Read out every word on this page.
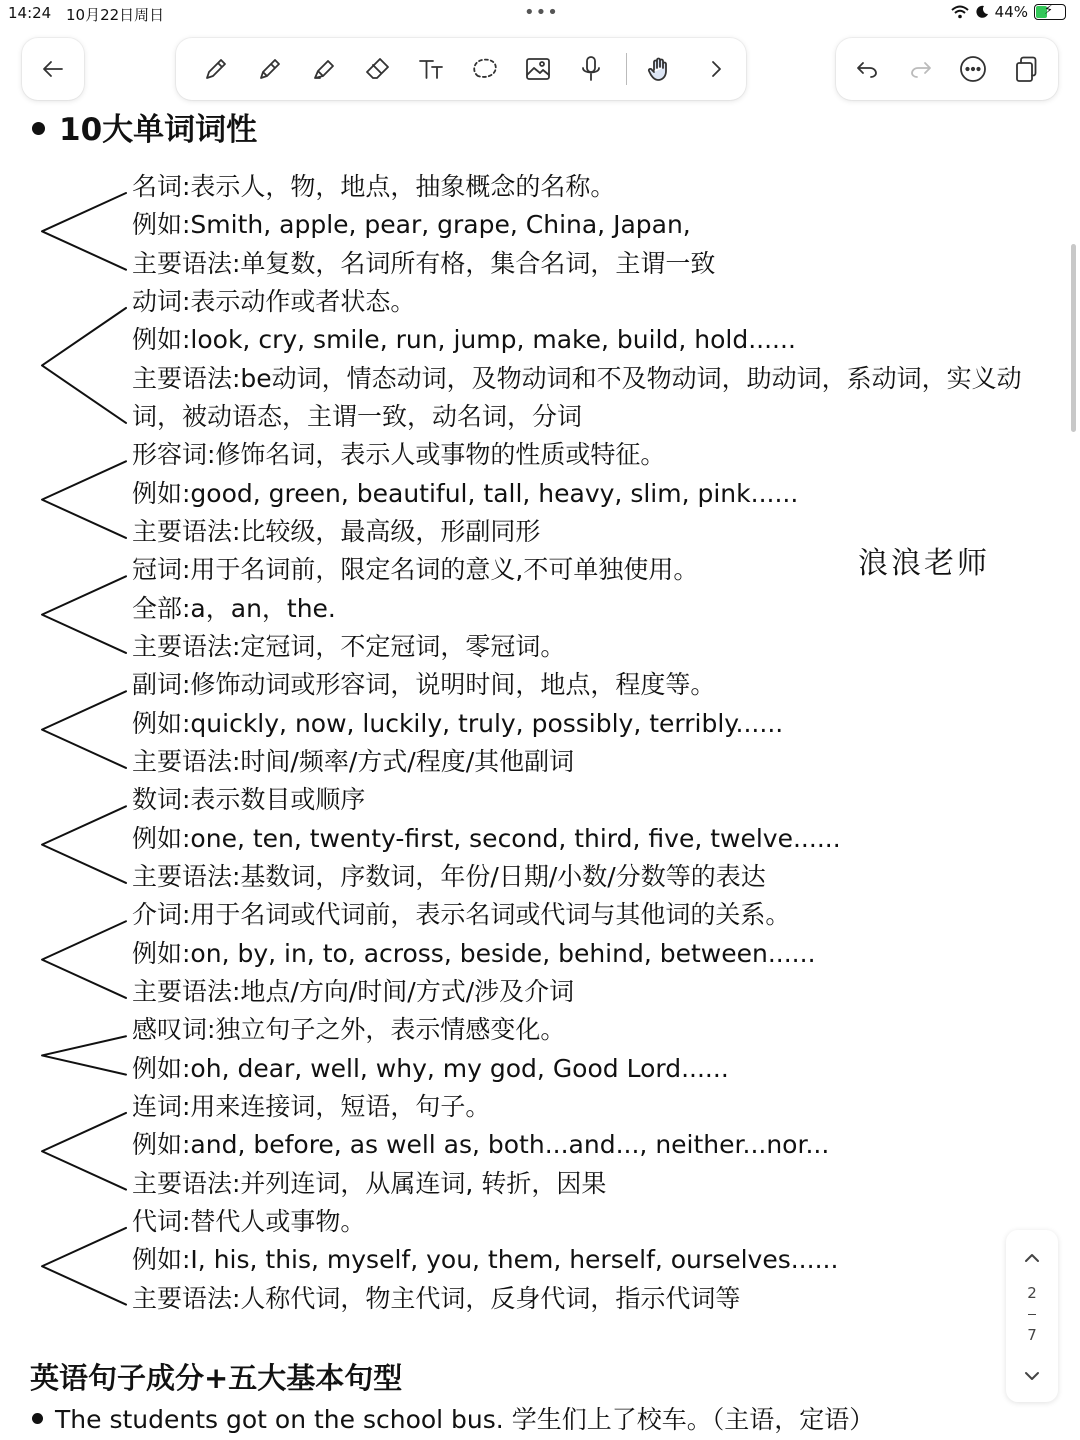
14:24 10月22日周日	•••	44% ⚡
10大单词词性
名词:表示人，物，地点，抽象概念的名称。
例如:Smith, apple, pear, grape, China, Japan,
主要语法:单复数，名词所有格，集合名词，主谓一致
动词:表示动作或者状态。
例如:look, cry, smile, run, jump, make, build, hold......
主要语法:be动词，情态动词，及物动词和不及物动词，助动词，系动词，实义动
词，被动语态，主谓一致，动名词，分词
形容词:修饰名词，表示人或事物的性质或特征。
例如:good, green, beautiful, tall, heavy, slim, pink......
主要语法:比较级，最高级，形副同形
冠词:用于名词前，限定名词的意义,不可单独使用。
全部:a，an，the.
主要语法:定冠词，不定冠词，零冠词。
副词:修饰动词或形容词，说明时间，地点，程度等。
例如:quickly, now, luckily, truly, possibly, terribly......
主要语法:时间/频率/方式/程度/其他副词
数词:表示数目或顺序
例如:one, ten, twenty-first, second, third, five, twelve......
主要语法:基数词，序数词，年份/日期/小数/分数等的表达
介词:用于名词或代词前，表示名词或代词与其他词的关系。
例如:on, by, in, to, across, beside, behind, between......
主要语法:地点/方向/时间/方式/涉及介词
感叹词:独立句子之外，表示情感变化。
例如:oh, dear, well, why, my god, Good Lord......
连词:用来连接词，短语，句子。
例如:and, before, as well as, both...and..., neither...nor...
主要语法:并列连词，从属连词, 转折，因果
代词:替代人或事物。
例如:I, his, this, myself, you, them, herself, ourselves......
主要语法:人称代词，物主代词，反身代词，指示代词等
浪浪老师
英语句子成分+五大基本句型
The students got on the school bus. 学生们上了校车。（主语，定语）
2
7
